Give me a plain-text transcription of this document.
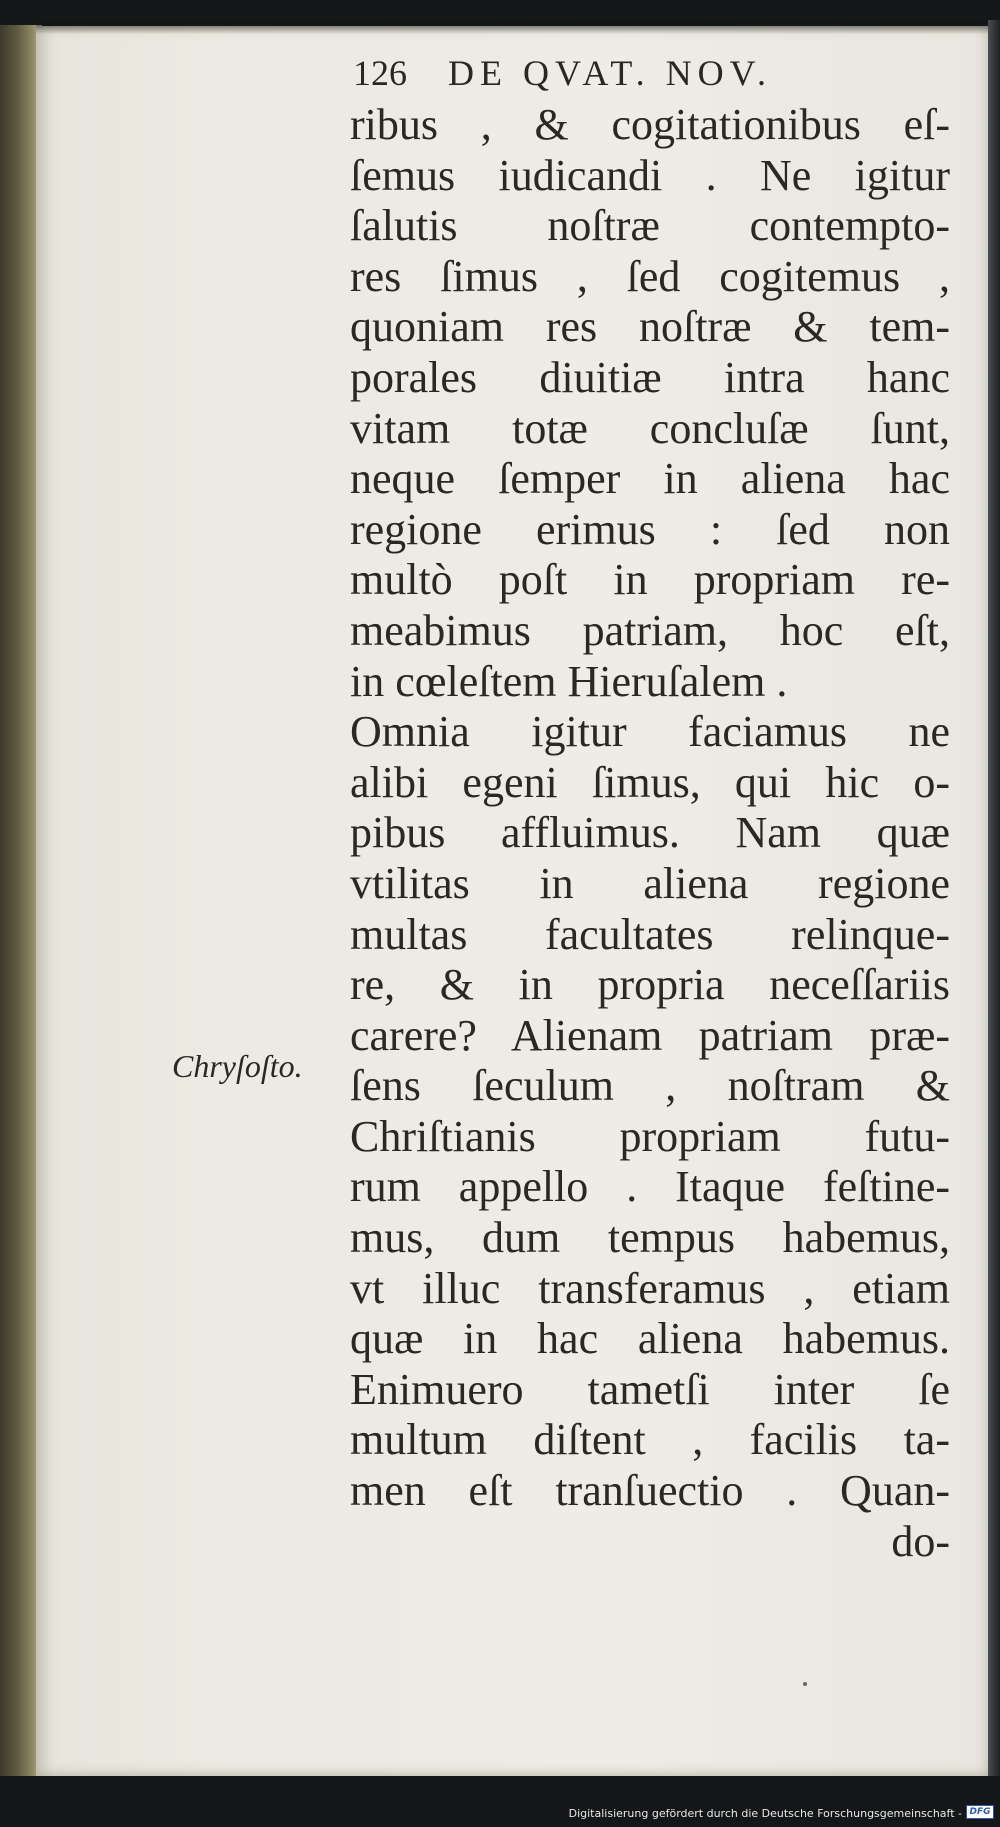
126 DE QVAT. NOV.
ribus , & cogitationibus eſ-
ſemus iudicandi . Ne igitur
ſalutis noſtræ contempto-
res ſimus , ſed cogitemus ,
quoniam res noſtræ & tem-
porales diuitiæ intra hanc
vitam totæ concluſæ ſunt,
neque ſemper in aliena hac
regione erimus : ſed non
multò poſt in propriam re-
meabimus patriam, hoc eſt,
in cœleſtem Hieruſalem .
Omnia igitur faciamus ne
alibi egeni ſimus, qui hic o-
pibus affluimus. Nam quæ
vtilitas in aliena regione
multas facultates relinque-
re, & in propria neceſſariis
carere? Alienam patriam præ-
ſens ſeculum , noſtram &
Chriſtianis propriam futu-
rum appello . Itaque feſtine-
mus, dum tempus habemus,
vt illuc transferamus , etiam
quæ in hac aliena habemus.
Enimuero tametſi inter ſe
multum diſtent , facilis ta-
men eſt tranſuectio . Quan-
do-
Chryſoſto.
Digitalisierung gefördert durch die Deutsche Forschungsgemeinschaft - DFG
